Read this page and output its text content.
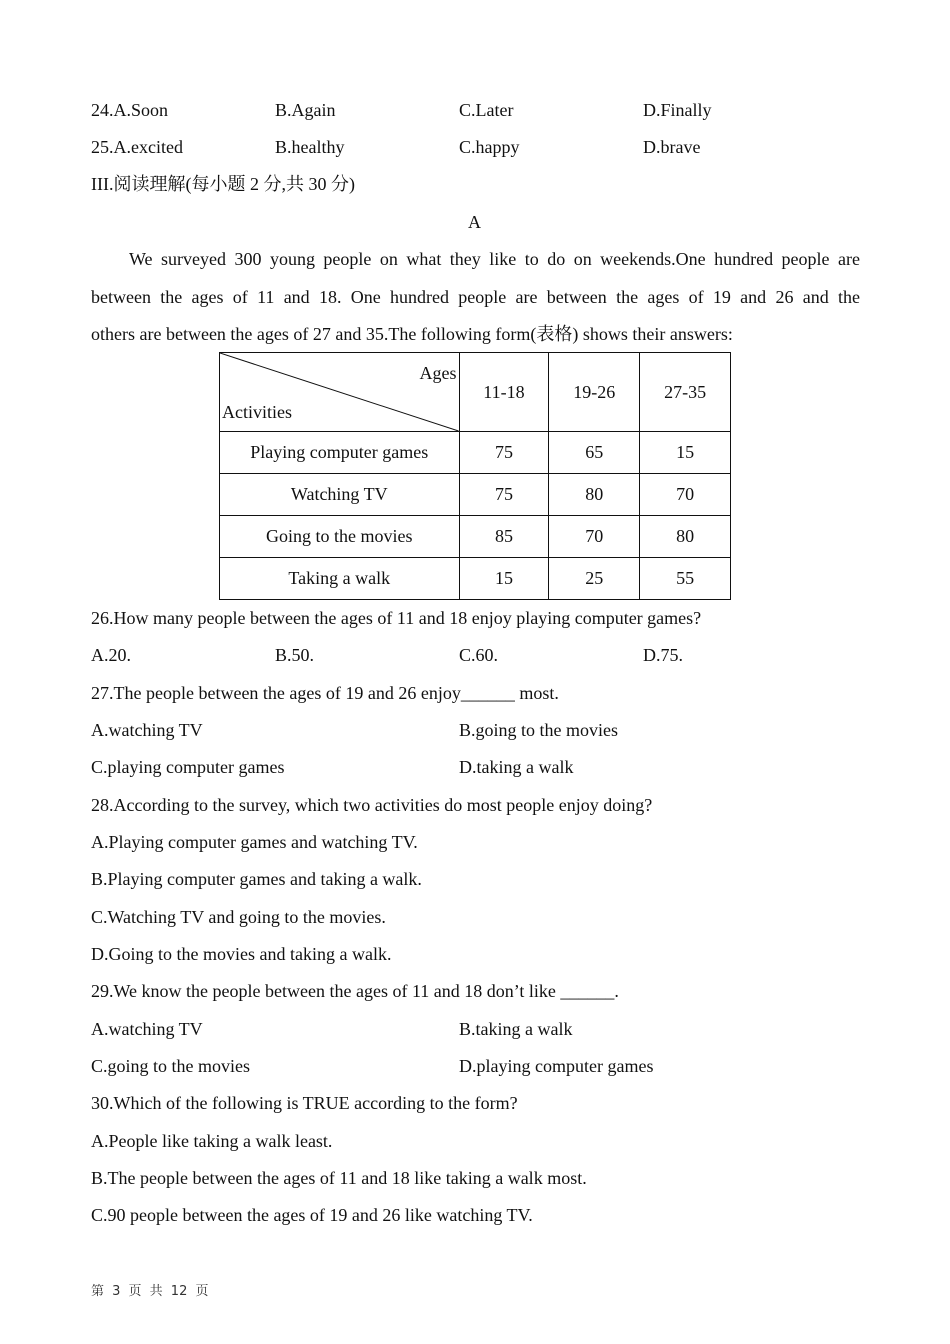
24.A.Soon	B.Again	C.Later	D.Finally
25.A.excited	B.healthy	C.happy	D.brave
III.阅读理解(每小题 2 分,共 30 分)
A
We surveyed 300 young people on what they like to do on weekends.One hundred people are
between the ages of 11 and 18. One hundred people are between the ages of 19 and 26 and the
others are between the ages of 27 and 35.The following form(表格) shows their answers:
Ages
Activities	11-18	19-26	27-35
Playing computer games	75	65	15
Watching TV	75	80	70
Going to the movies	85	70	80
Taking a walk	15	25	55
26.How many people between the ages of 11 and 18 enjoy playing computer games?
A.20.	B.50.	C.60.	D.75.
27.The people between the ages of 19 and 26 enjoy______ most.
A.watching TV	B.going to the movies
C.playing computer games	D.taking a walk
28.According to the survey, which two activities do most people enjoy doing?
A.Playing computer games and watching TV.
B.Playing computer games and taking a walk.
C.Watching TV and going to the movies.
D.Going to the movies and taking a walk.
29.We know the people between the ages of 11 and 18 don’t like ______.
A.watching TV	B.taking a walk
C.going to the movies	D.playing computer games
30.Which of the following is TRUE according to the form?
A.People like taking a walk least.
B.The people between the ages of 11 and 18 like taking a walk most.
C.90 people between the ages of 19 and 26 like watching TV.
第 3 页 共 12 页
